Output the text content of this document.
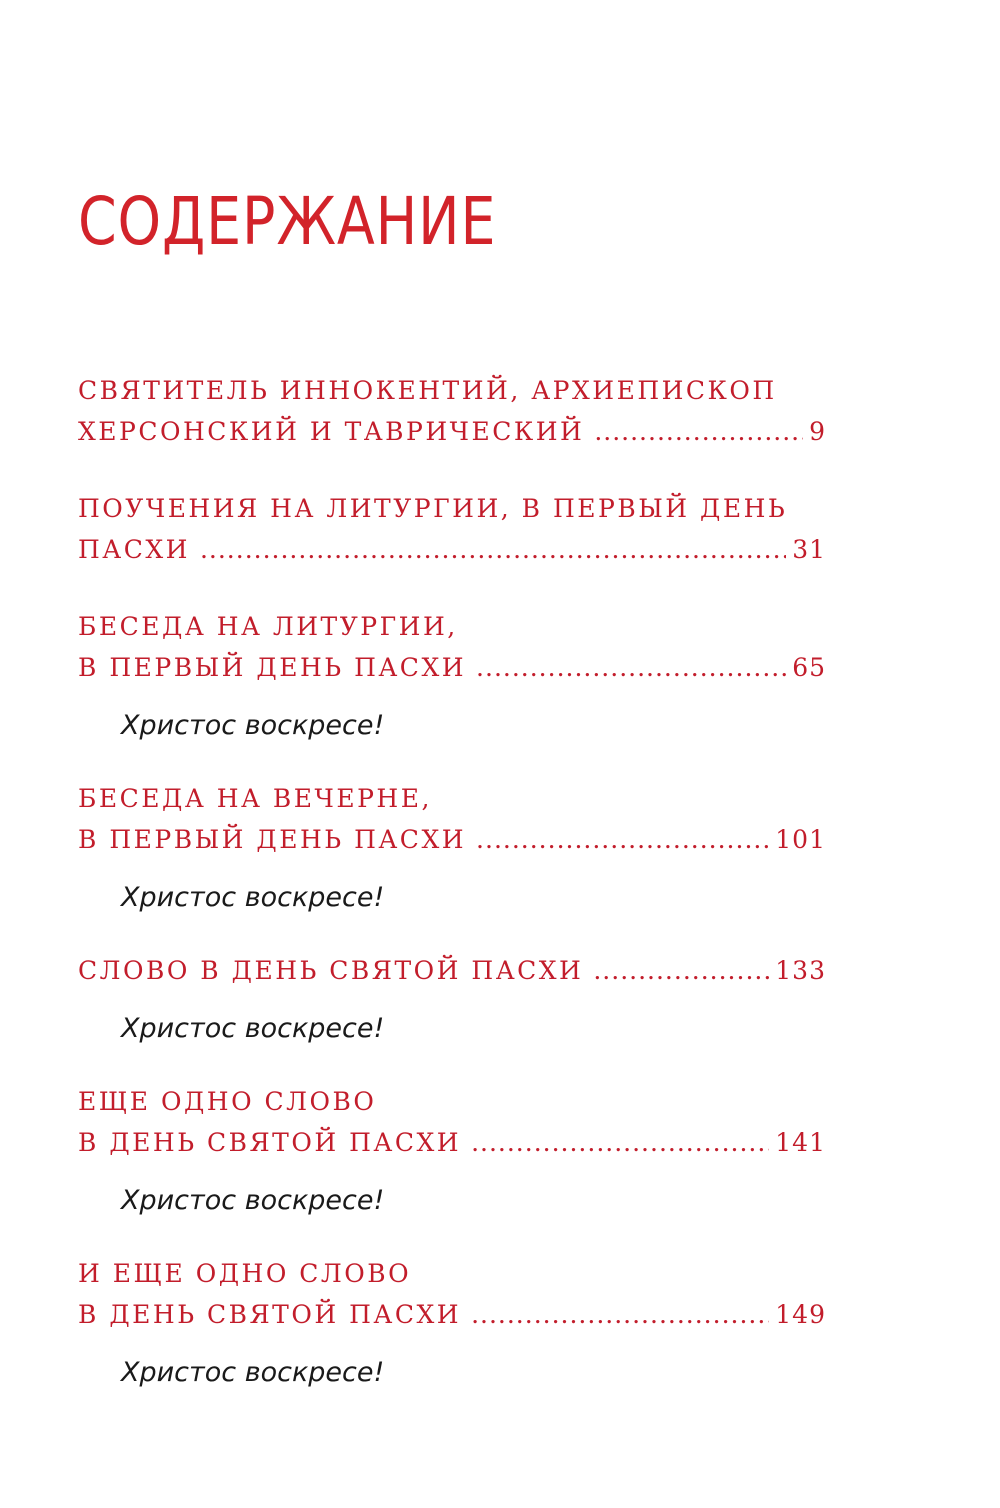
СОДЕРЖАНИЕ
СВЯТИТЕЛЬ ИННОКЕНТИЙ, АРХИЕПИСКОП
ХЕРСОНСКИЙ И ТАВРИЧЕСКИЙ .....	9
ПОУЧЕНИЯ НА ЛИТУРГИИ, В ПЕРВЫЙ ДЕНЬ
ПАСХИ .....	31
БЕСЕДА НА ЛИТУРГИИ,
В ПЕРВЫЙ ДЕНЬ ПАСХИ .....	65
Христос воскресе!
БЕСЕДА НА ВЕЧЕРНЕ,
В ПЕРВЫЙ ДЕНЬ ПАСХИ .....	101
Христос воскресе!
СЛОВО В ДЕНЬ СВЯТОЙ ПАСХИ .....	133
Христос воскресе!
ЕЩЕ ОДНО СЛОВО
В ДЕНЬ СВЯТОЙ ПАСХИ .....	141
Христос воскресе!
И ЕЩЕ ОДНО СЛОВО
В ДЕНЬ СВЯТОЙ ПАСХИ .....	149
Христос воскресе!
